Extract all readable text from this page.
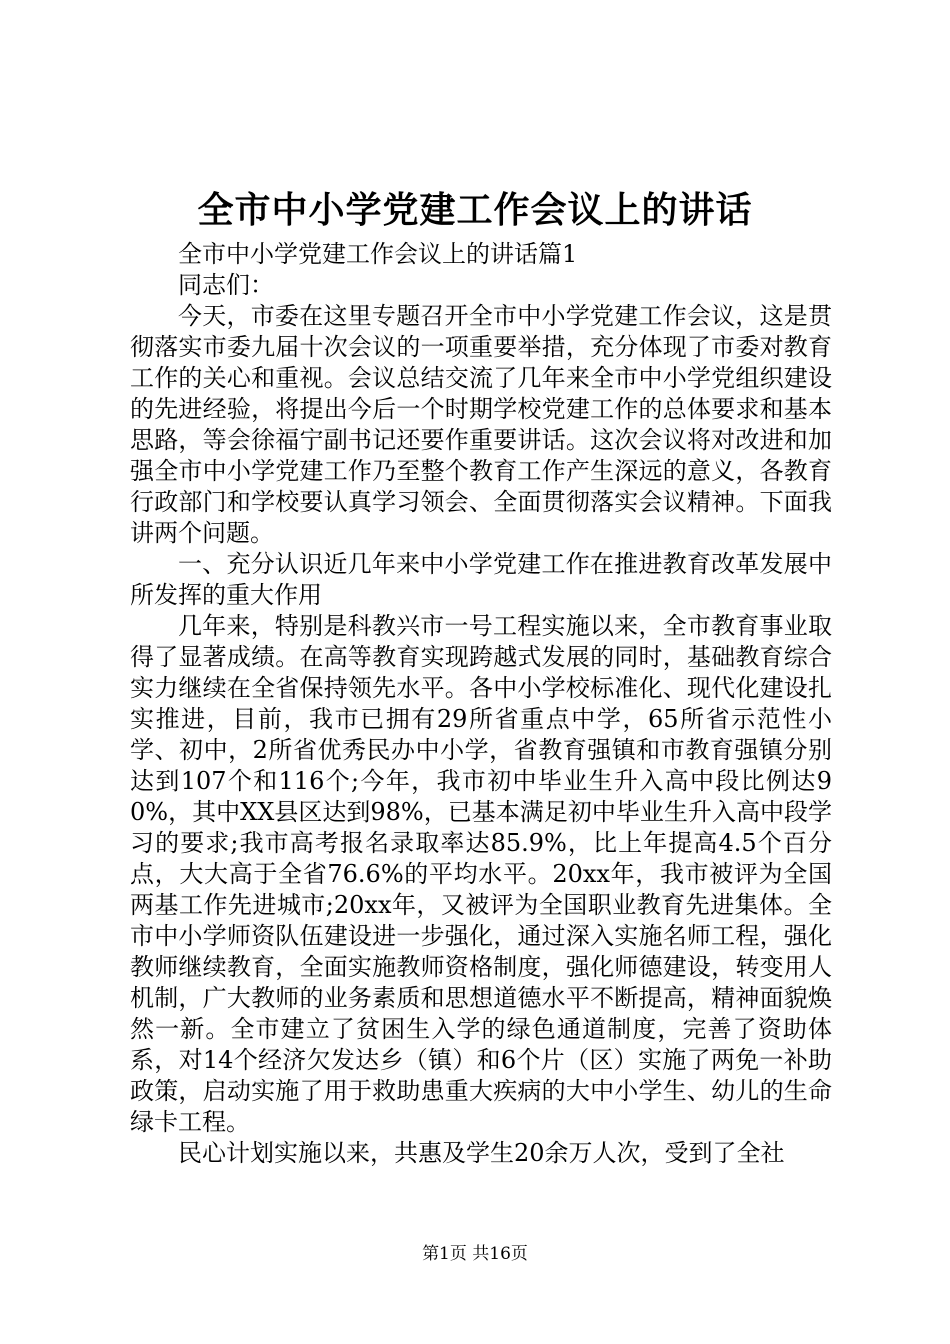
全市中小学党建工作会议上的讲话

全市中小学党建工作会议上的讲话篇1

同志们：

今天，市委在这里专题召开全市中小学党建工作会议，这是贯彻落实市委九届十次会议的一项重要举措，充分体现了市委对教育工作的关心和重视。会议总结交流了几年来全市中小学党组织建设的先进经验，将提出今后一个时期学校党建工作的总体要求和基本思路，等会徐福宁副书记还要作重要讲话。这次会议将对改进和加强全市中小学党建工作乃至整个教育工作产生深远的意义，各教育行政部门和学校要认真学习领会、全面贯彻落实会议精神。下面我讲两个问题。

一、充分认识近几年来中小学党建工作在推进教育改革发展中所发挥的重大作用

几年来，特别是科教兴市一号工程实施以来，全市教育事业取得了显著成绩。在高等教育实现跨越式发展的同时，基础教育综合实力继续在全省保持领先水平。各中小学校标准化、现代化建设扎实推进，目前，我市已拥有29所省重点中学，65所省示范性小学、初中，2所省优秀民办中小学，省教育强镇和市教育强镇分别达到107个和116个;今年，我市初中毕业生升入高中段比例达90%，其中XX县区达到98%，已基本满足初中毕业生升入高中段学习的要求;我市高考报名录取率达85.9%，比上年提高4.5个百分点，大大高于全省76.6%的平均水平。20xx年，我市被评为全国两基工作先进城市;20xx年，又被评为全国职业教育先进集体。全市中小学师资队伍建设进一步强化，通过深入实施名师工程，强化教师继续教育，全面实施教师资格制度，强化师德建设，转变用人机制，广大教师的业务素质和思想道德水平不断提高，精神面貌焕然一新。全市建立了贫困生入学的绿色通道制度，完善了资助体系，对14个经济欠发达乡（镇）和6个片（区）实施了两免一补助政策，启动实施了用于救助患重大疾病的大中小学生、幼儿的生命绿卡工程。

民心计划实施以来，共惠及学生20余万人次，受到了全社

第1页 共16页
